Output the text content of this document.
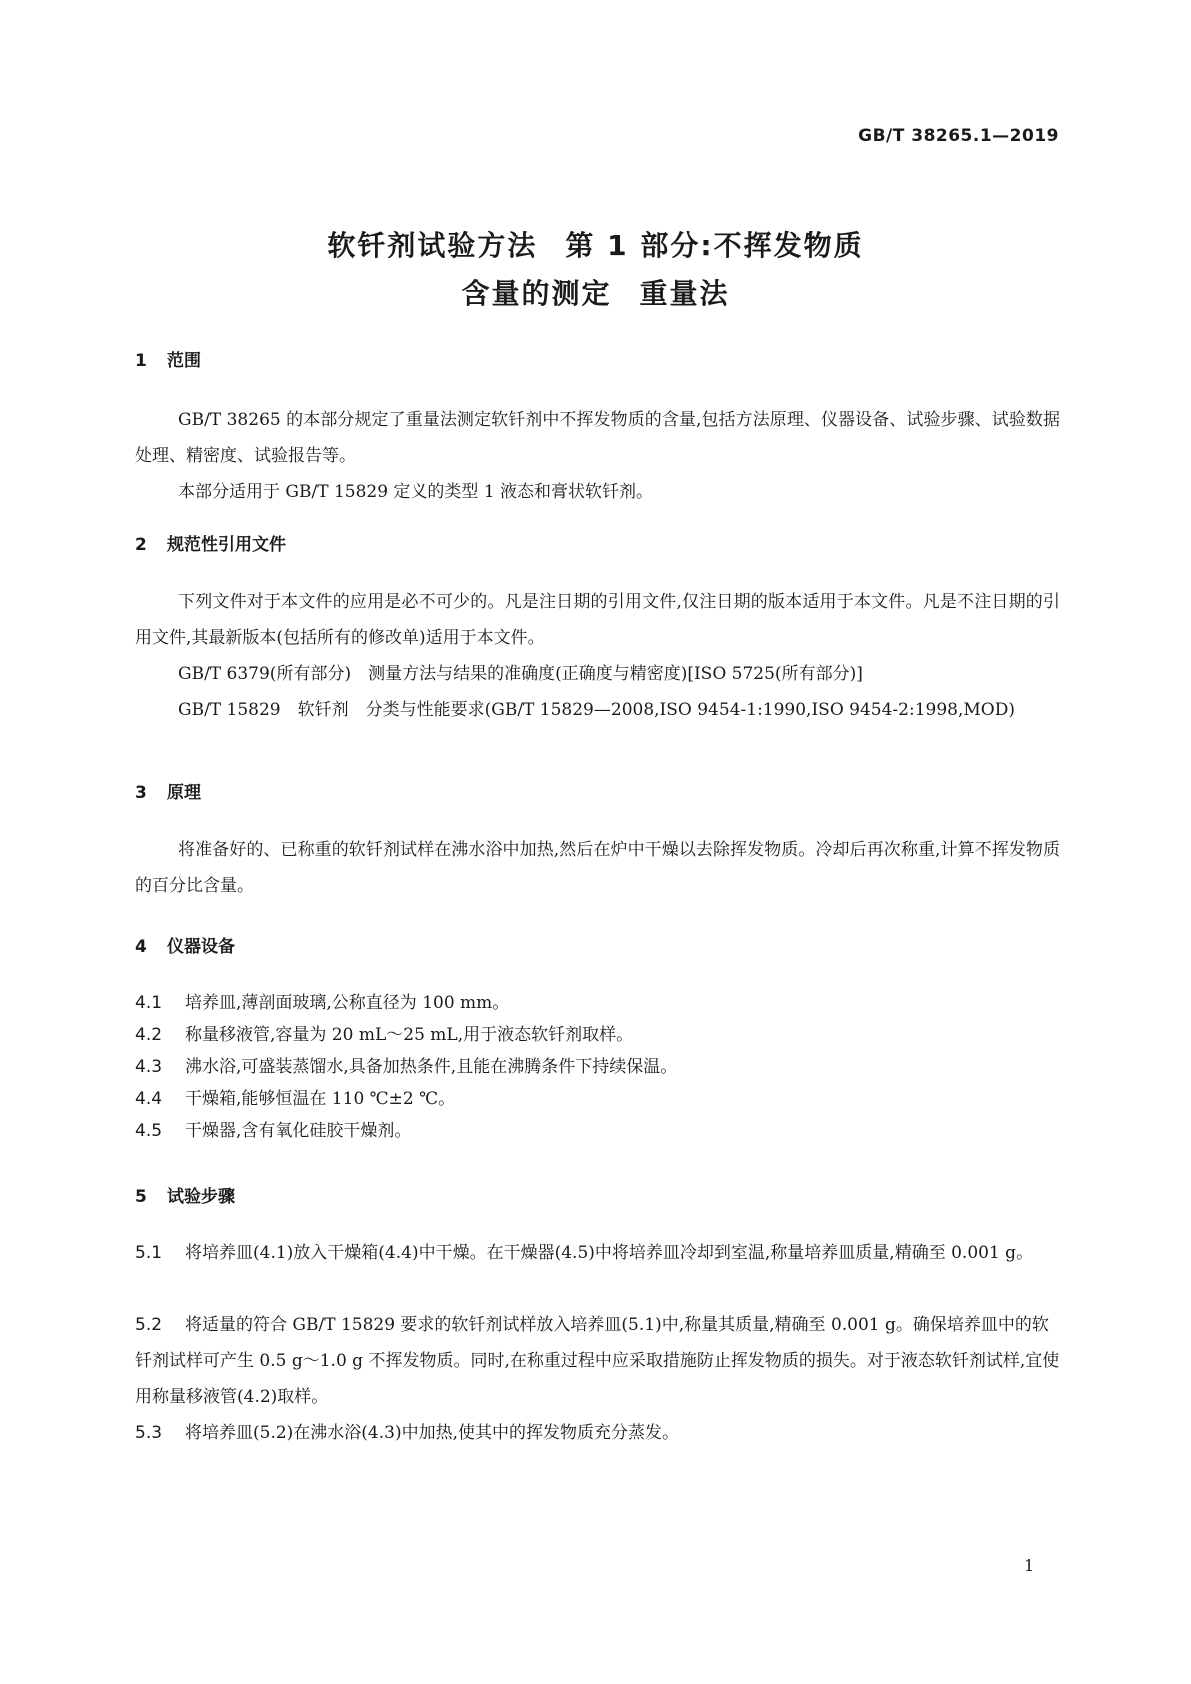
GB/T 38265.1—2019
软钎剂试验方法 第 1 部分:不挥发物质
含量的测定 重量法
1 范围
GB/T 38265 的本部分规定了重量法测定软钎剂中不挥发物质的含量,包括方法原理、仪器设备、试验步骤、试验数据处理、精密度、试验报告等。
本部分适用于 GB/T 15829 定义的类型 1 液态和膏状软钎剂。
2 规范性引用文件
下列文件对于本文件的应用是必不可少的。凡是注日期的引用文件,仅注日期的版本适用于本文件。凡是不注日期的引用文件,其最新版本(包括所有的修改单)适用于本文件。
GB/T 6379(所有部分)　测量方法与结果的准确度(正确度与精密度)[ISO 5725(所有部分)]
GB/T 15829　软钎剂　分类与性能要求(GB/T 15829—2008,ISO 9454-1:1990,ISO 9454-2:1998,MOD)
3 原理
将准备好的、已称重的软钎剂试样在沸水浴中加热,然后在炉中干燥以去除挥发物质。冷却后再次称重,计算不挥发物质的百分比含量。
4 仪器设备
4.1 培养皿,薄剖面玻璃,公称直径为 100 mm。
4.2 称量移液管,容量为 20 mL～25 mL,用于液态软钎剂取样。
4.3 沸水浴,可盛装蒸馏水,具备加热条件,且能在沸腾条件下持续保温。
4.4 干燥箱,能够恒温在 110 ℃±2 ℃。
4.5 干燥器,含有氧化硅胶干燥剂。
5 试验步骤
5.1 将培养皿(4.1)放入干燥箱(4.4)中干燥。在干燥器(4.5)中将培养皿冷却到室温,称量培养皿质量,精确至 0.001 g。
5.2 将适量的符合 GB/T 15829 要求的软钎剂试样放入培养皿(5.1)中,称量其质量,精确至 0.001 g。确保培养皿中的软钎剂试样可产生 0.5 g～1.0 g 不挥发物质。同时,在称重过程中应采取措施防止挥发物质的损失。对于液态软钎剂试样,宜使用称量移液管(4.2)取样。
5.3 将培养皿(5.2)在沸水浴(4.3)中加热,使其中的挥发物质充分蒸发。
1
